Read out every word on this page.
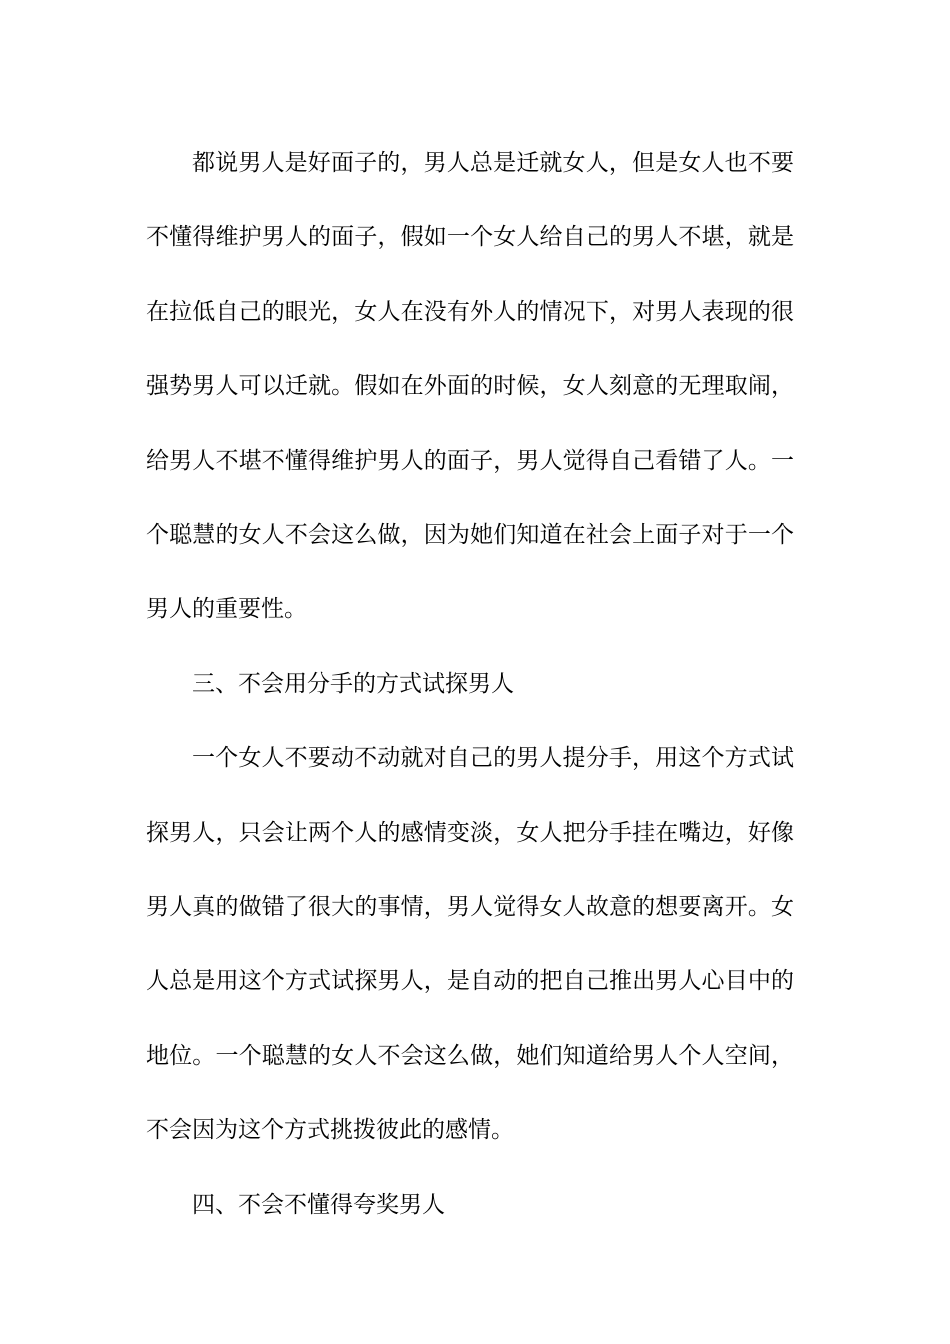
都说男人是好面子的，男人总是迁就女人，但是女人也不要不懂得维护男人的面子，假如一个女人给自己的男人不堪，就是在拉低自己的眼光，女人在没有外人的情况下，对男人表现的很强势男人可以迁就。假如在外面的时候，女人刻意的无理取闹，给男人不堪不懂得维护男人的面子，男人觉得自己看错了人。一个聪慧的女人不会这么做，因为她们知道在社会上面子对于一个男人的重要性。

三、不会用分手的方式试探男人

一个女人不要动不动就对自己的男人提分手，用这个方式试探男人，只会让两个人的感情变淡，女人把分手挂在嘴边，好像男人真的做错了很大的事情，男人觉得女人故意的想要离开。女人总是用这个方式试探男人，是自动的把自己推出男人心目中的地位。一个聪慧的女人不会这么做，她们知道给男人个人空间，不会因为这个方式挑拨彼此的感情。

四、不会不懂得夸奖男人
